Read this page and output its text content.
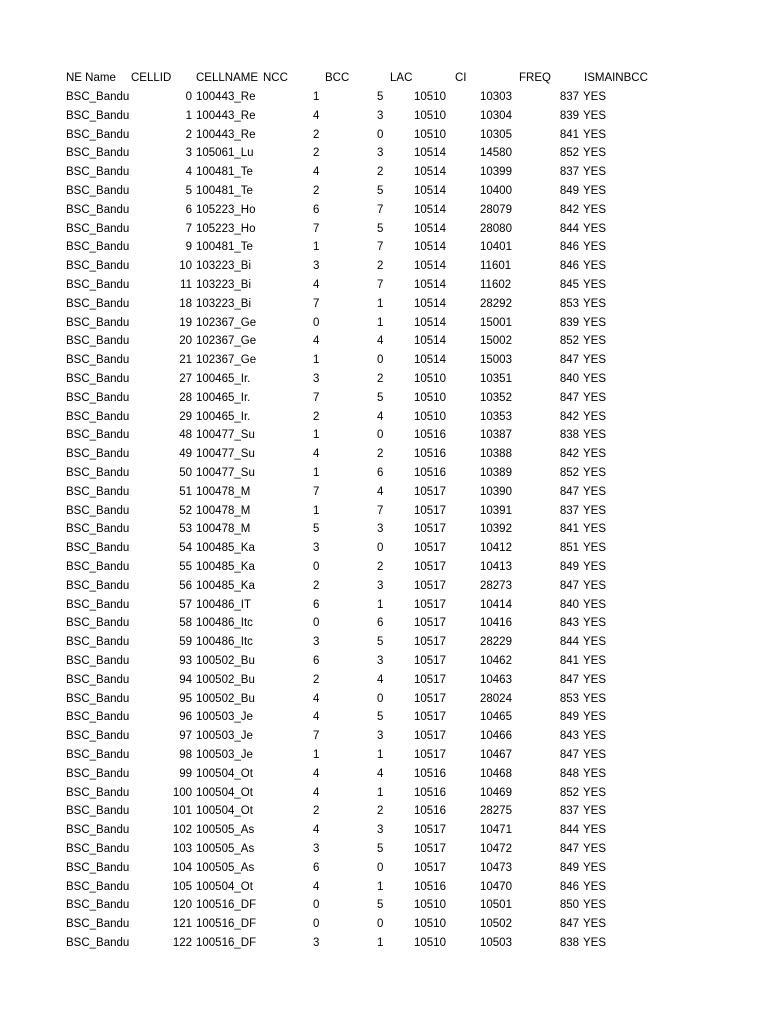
NE Name CELLID CELLNAME NCC	BCC	LAC	CI	FREQ	ISMAINBCC
BSC_Bandu	0 100443_Re	1	5	10510	10303	837 YES
BSC_Bandu	1 100443_Re	4	3	10510	10304	839 YES
BSC_Bandu	2 100443_Re	2	0	10510	10305	841 YES
BSC_Bandu	3 105061_Lu	2	3	10514	14580	852 YES
BSC_Bandu	4 100481_Te	4	2	10514	10399	837 YES
BSC_Bandu	5 100481_Te	2	5	10514	10400	849 YES
BSC_Bandu	6 105223_Ho	6	7	10514	28079	842 YES
BSC_Bandu	7 105223_Ho	7	5	10514	28080	844 YES
BSC_Bandu	9 100481_Te	1	7	10514	10401	846 YES
BSC_Bandu	10 103223_Bi	3	2	10514	11601	846 YES
BSC_Bandu	11 103223_Bi	4	7	10514	11602	845 YES
BSC_Bandu	18 103223_Bi	7	1	10514	28292	853 YES
BSC_Bandu	19 102367_Ge	0	1	10514	15001	839 YES
BSC_Bandu	20 102367_Ge	4	4	10514	15002	852 YES
BSC_Bandu	21 102367_Ge	1	0	10514	15003	847 YES
BSC_Bandu	27 100465_Ir.	3	2	10510	10351	840 YES
BSC_Bandu	28 100465_Ir.	7	5	10510	10352	847 YES
BSC_Bandu	29 100465_Ir.	2	4	10510	10353	842 YES
BSC_Bandu	48 100477_Su	1	0	10516	10387	838 YES
BSC_Bandu	49 100477_Su	4	2	10516	10388	842 YES
BSC_Bandu	50 100477_Su	1	6	10516	10389	852 YES
BSC_Bandu	51 100478_M	7	4	10517	10390	847 YES
BSC_Bandu	52 100478_M	1	7	10517	10391	837 YES
BSC_Bandu	53 100478_M	5	3	10517	10392	841 YES
BSC_Bandu	54 100485_Ka	3	0	10517	10412	851 YES
BSC_Bandu	55 100485_Ka	0	2	10517	10413	849 YES
BSC_Bandu	56 100485_Ka	2	3	10517	28273	847 YES
BSC_Bandu	57 100486_IT	6	1	10517	10414	840 YES
BSC_Bandu	58 100486_Itc	0	6	10517	10416	843 YES
BSC_Bandu	59 100486_Itc	3	5	10517	28229	844 YES
BSC_Bandu	93 100502_Bu	6	3	10517	10462	841 YES
BSC_Bandu	94 100502_Bu	2	4	10517	10463	847 YES
BSC_Bandu	95 100502_Bu	4	0	10517	28024	853 YES
BSC_Bandu	96 100503_Je	4	5	10517	10465	849 YES
BSC_Bandu	97 100503_Je	7	3	10517	10466	843 YES
BSC_Bandu	98 100503_Je	1	1	10517	10467	847 YES
BSC_Bandu	99 100504_Ot	4	4	10516	10468	848 YES
BSC_Bandu	100 100504_Ot	4	1	10516	10469	852 YES
BSC_Bandu	101 100504_Ot	2	2	10516	28275	837 YES
BSC_Bandu	102 100505_As	4	3	10517	10471	844 YES
BSC_Bandu	103 100505_As	3	5	10517	10472	847 YES
BSC_Bandu	104 100505_As	6	0	10517	10473	849 YES
BSC_Bandu	105 100504_Ot	4	1	10516	10470	846 YES
BSC_Bandu	120 100516_DF	0	5	10510	10501	850 YES
BSC_Bandu	121 100516_DF	0	0	10510	10502	847 YES
BSC_Bandu	122 100516_DF	3	1	10510	10503	838 YES
